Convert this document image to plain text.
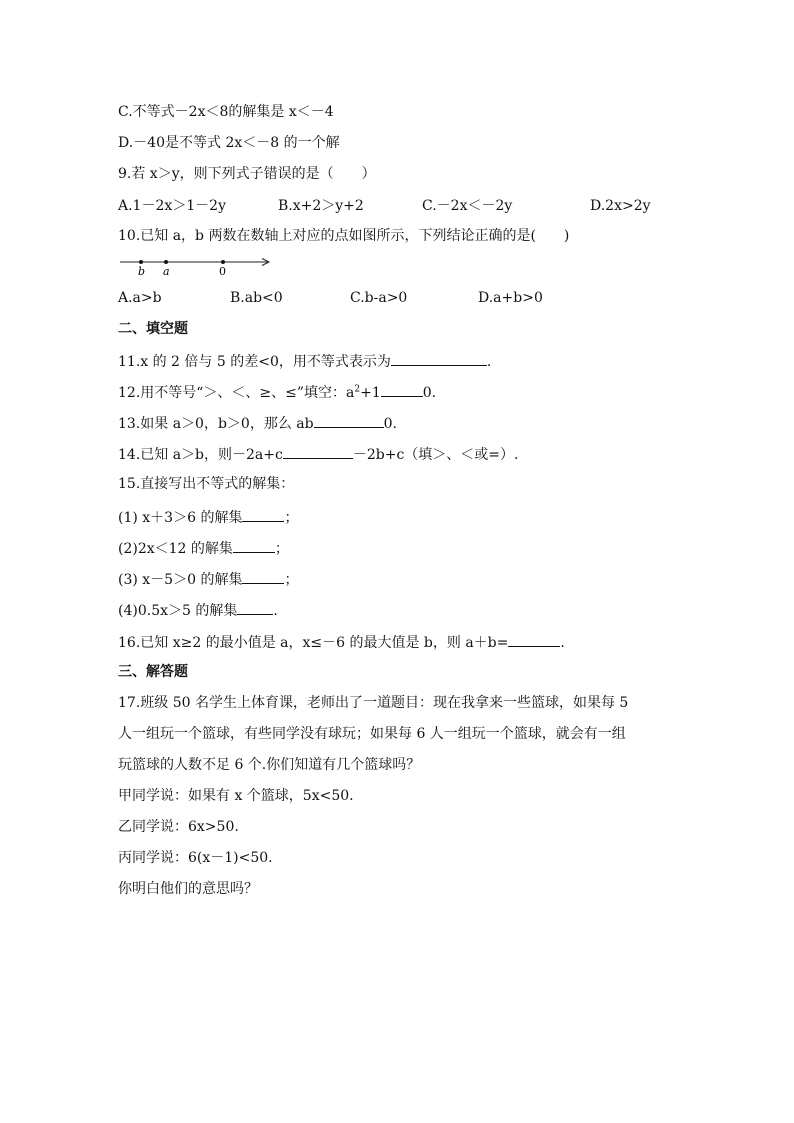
C.不等式－2x＜8的解集是 x＜－4
D.－40是不等式 2x＜－8 的一个解
9.若 x＞y，则下列式子错误的是（　　）
A.1－2x＞1－2y	B.x+2＞y+2	C.－2x＜－2y	D.2x>2y
10.已知 a，b 两数在数轴上对应的点如图所示，下列结论正确的是(　　)
b a	0
A.a>b	B.ab<0	C.b-a>0	D.a+b>0
二、填空题
11.x 的 2 倍与 5 的差<0，用不等式表示为	.
12.用不等号“＞、＜、≥、≤”填空：$a^2+1$	0.
13.如果 a＞0，b＞0，那么 ab	0.
14.已知 a＞b，则－2a+c	－2b+c（填＞、＜或=）.
15.直接写出不等式的解集：
(1) x＋3＞6 的解集	；
(2)2x＜12 的解集	；
(3) x－5＞0 的解集	；
(4)0.5x＞5 的解集	.
16.已知 x≥2 的最小值是 a，x≤－6 的最大值是 b，则 a＋b=	.
三、解答题
17.班级 50 名学生上体育课，老师出了一道题目：现在我拿来一些篮球，如果每 5
人一组玩一个篮球，有些同学没有球玩；如果每 6 人一组玩一个篮球，就会有一组
玩篮球的人数不足 6 个.你们知道有几个篮球吗？
甲同学说：如果有 x 个篮球，5x<50.
乙同学说：6x>50.
丙同学说：6(x－1)<50.
你明白他们的意思吗？
